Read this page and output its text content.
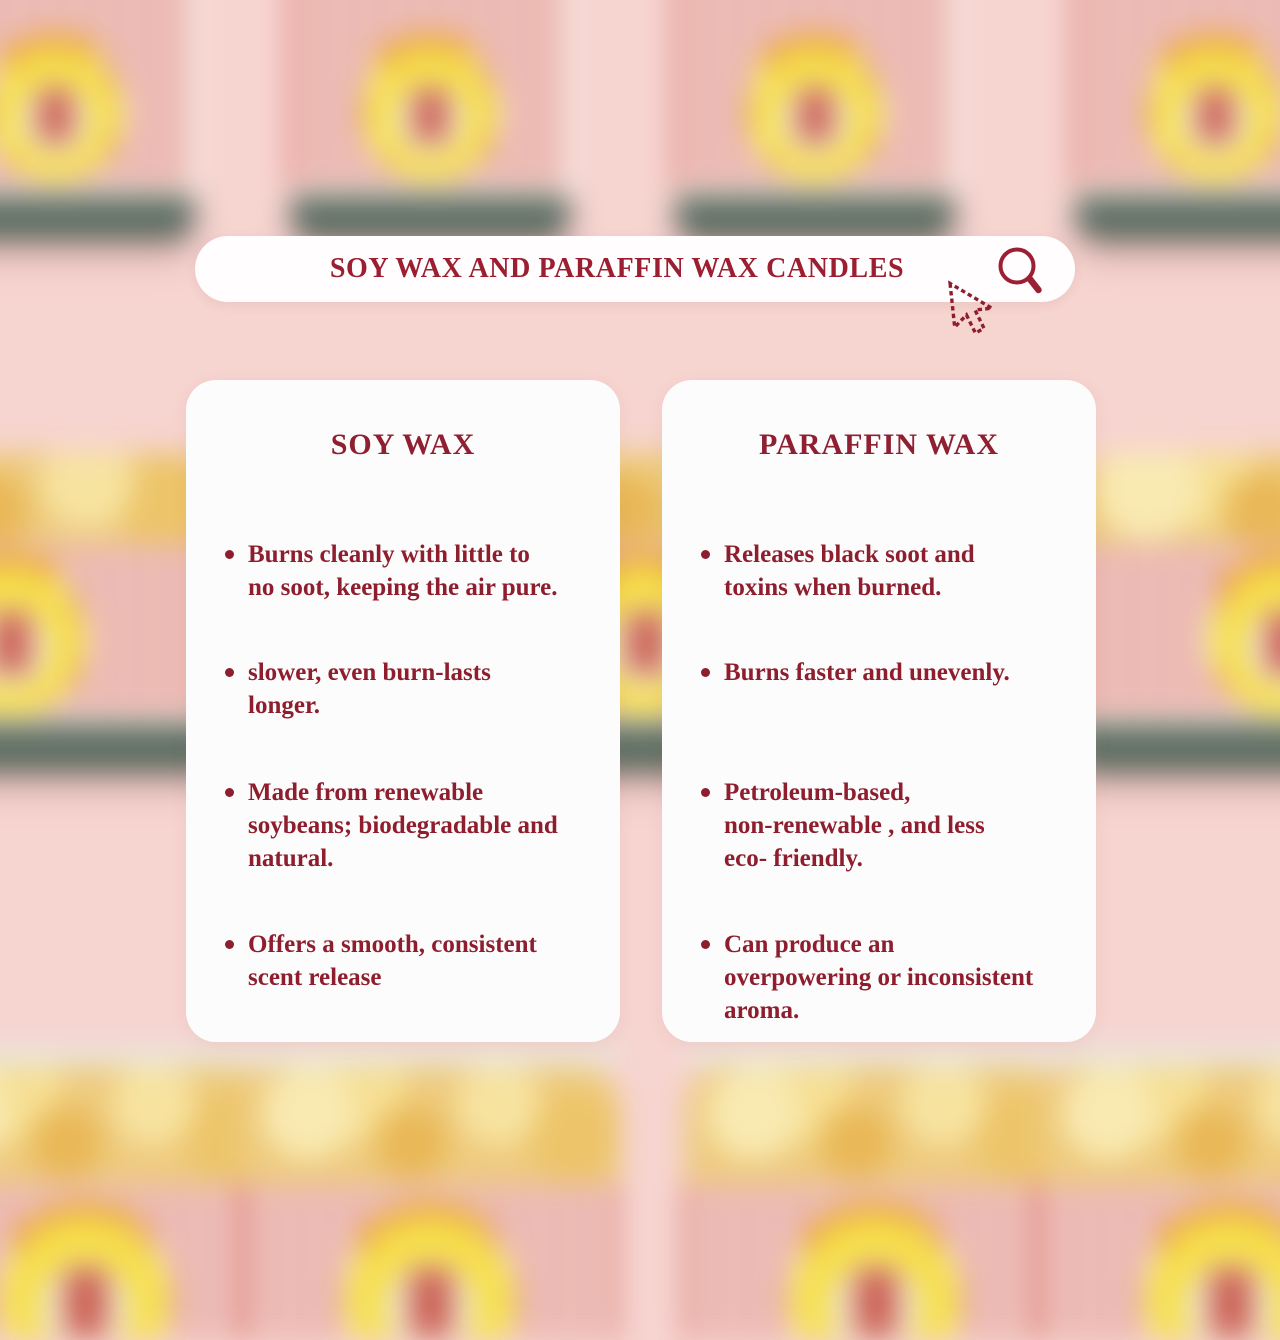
SOY WAX AND PARAFFIN WAX CANDLES
SOY WAX
Burns cleanly with little to
no soot, keeping the air pure.
slower, even burn-lasts
longer.
Made from renewable
soybeans; biodegradable and
natural.
Offers a smooth, consistent
scent release
PARAFFIN WAX
Releases black soot and
toxins when burned.
Burns faster and unevenly.
Petroleum-based,
non-renewable , and less
eco- friendly.
Can produce an
overpowering or inconsistent
aroma.
